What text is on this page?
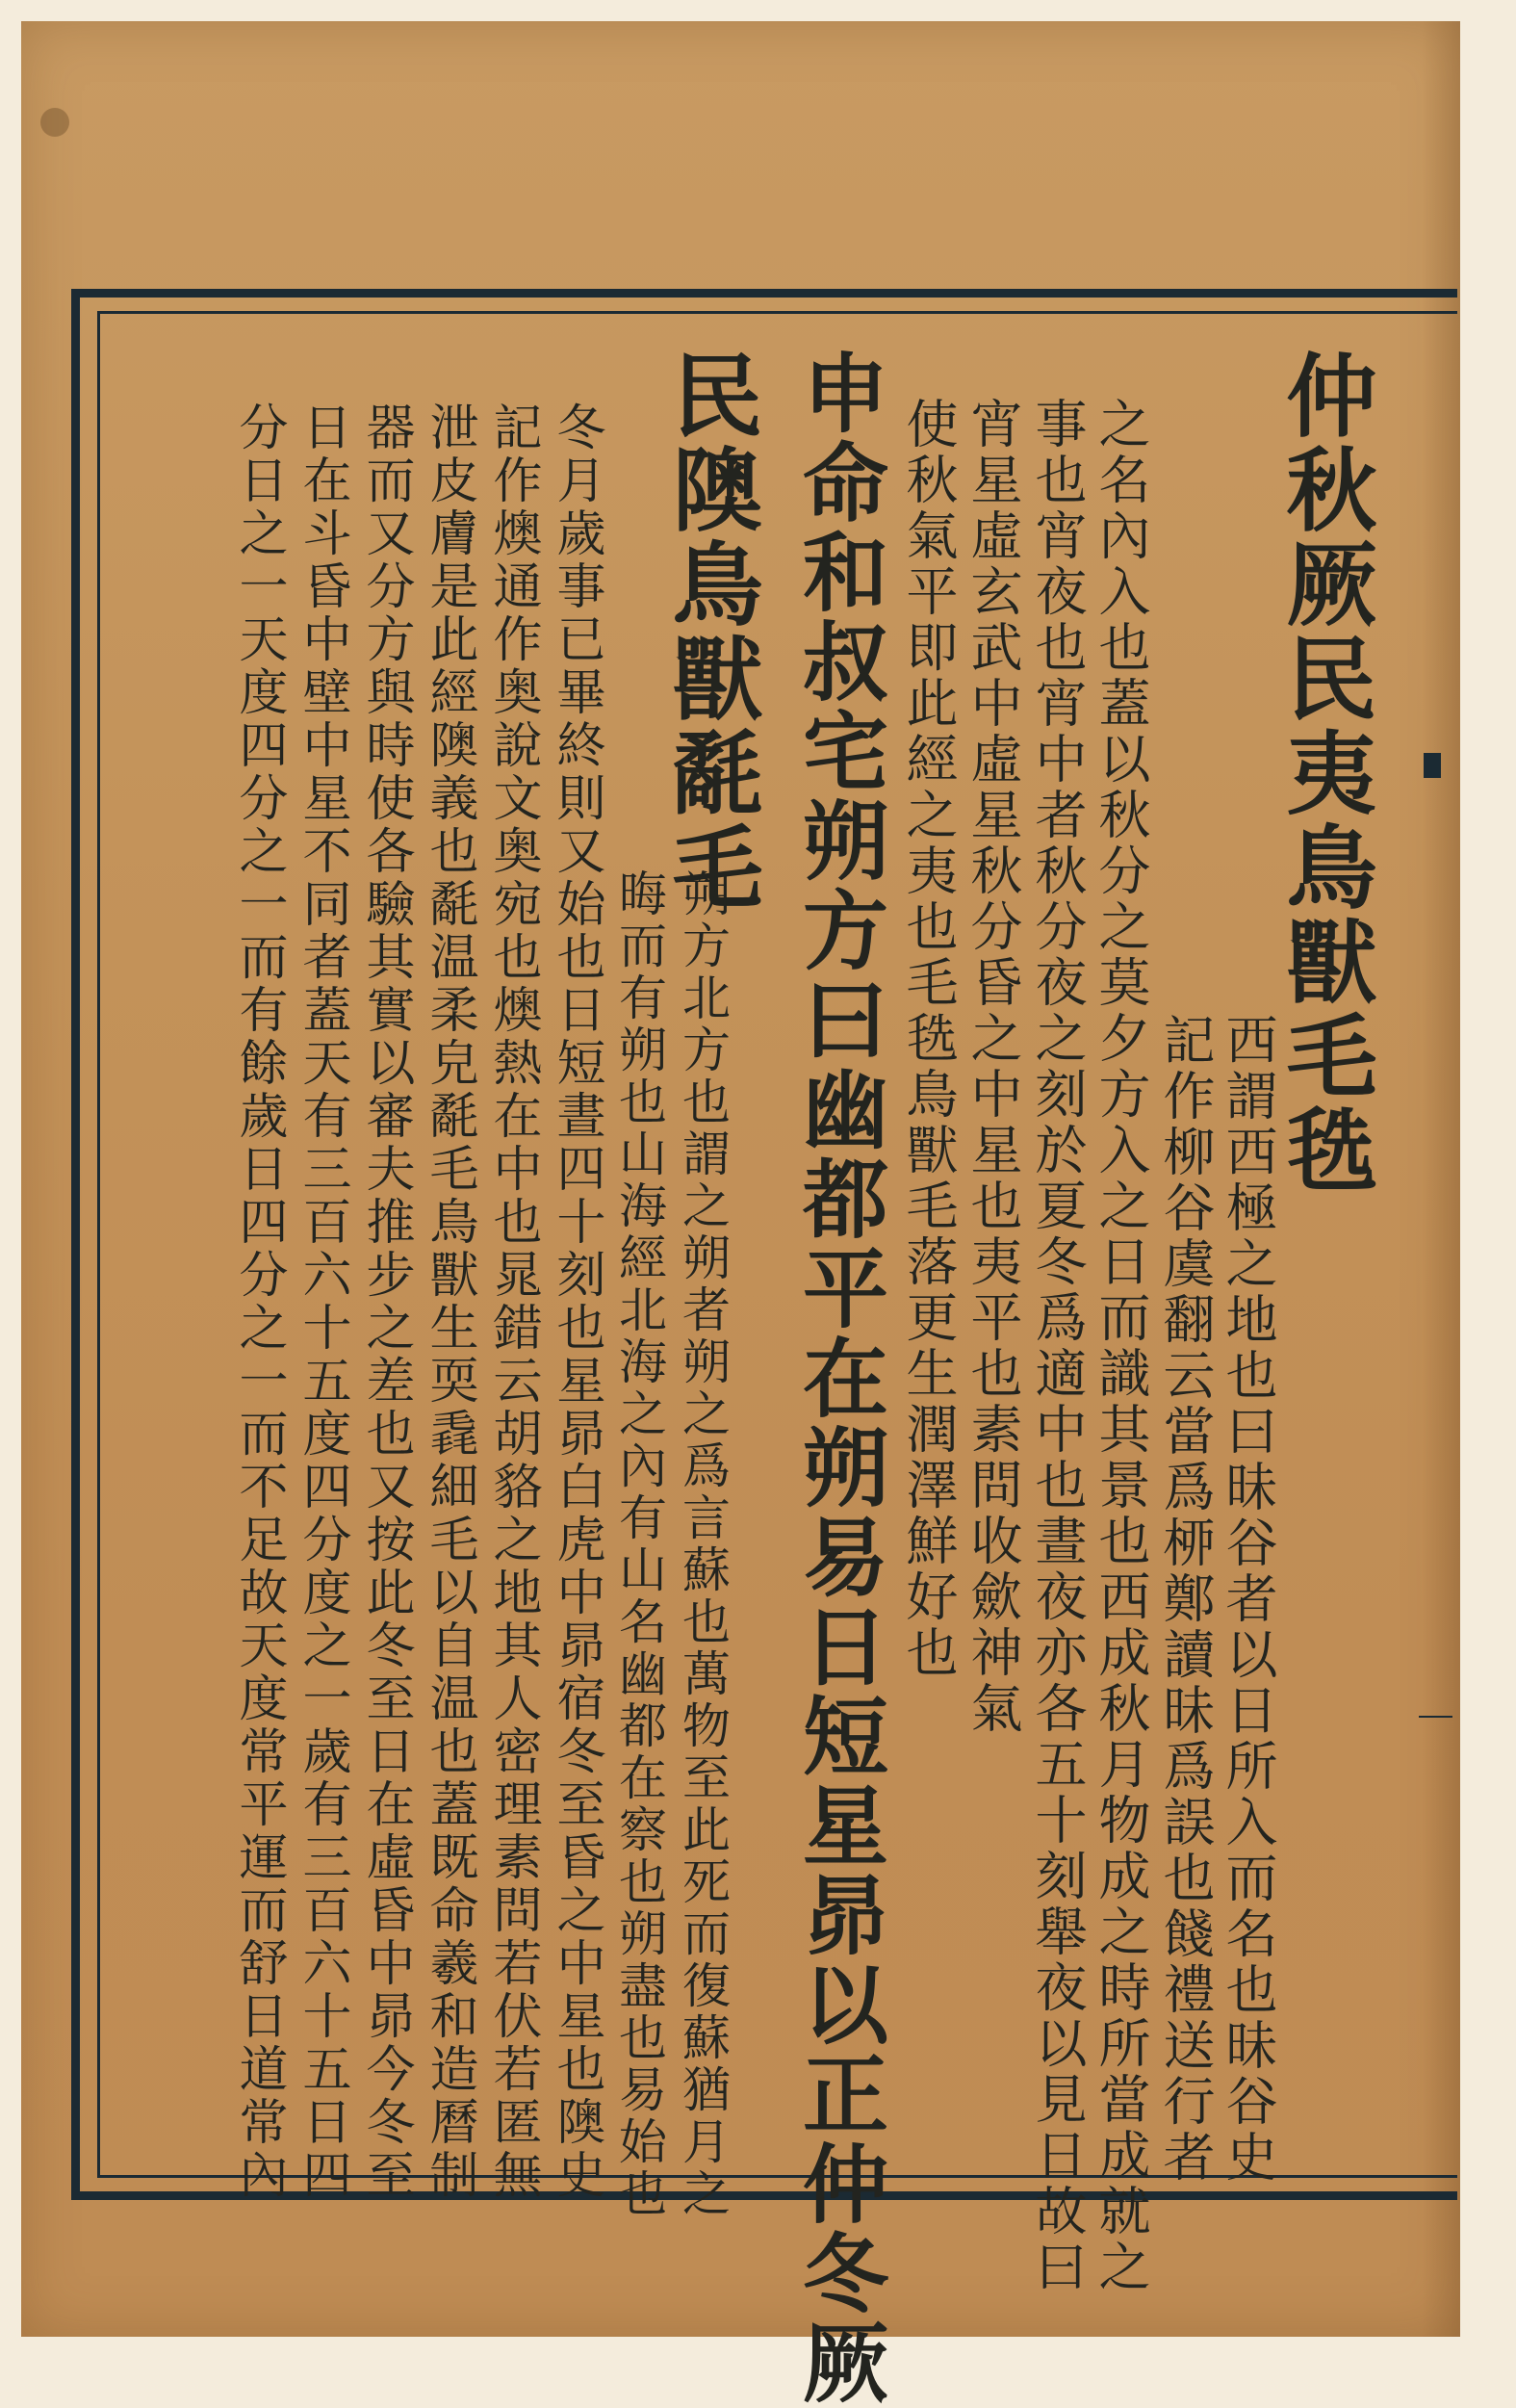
仲秋厥民夷鳥獸毛毨
西謂西極之地也曰昧谷者以日所入而名也昧谷史
記作柳谷虞翻云當爲桺鄭讀昧爲誤也餞禮送行者
之名內入也蓋以秋分之莫夕方入之日而識其景也西成秋月物成之時所當成就之
事也宵夜也宵中者秋分夜之刻於夏冬爲適中也晝夜亦各五十刻舉夜以見日故曰
宵星虛玄武中虛星秋分昏之中星也夷平也素問收歛神氣
使秋氣平即此經之夷也毛毨鳥獸毛落更生潤澤鮮好也
申命和叔宅朔方曰幽都平在朔易日短星昴以正仲冬厥
民隩鳥獸氄毛
朔方北方也謂之朔者朔之爲言蘇也萬物至此死而復蘇猶月之
晦而有朔也山海經北海之內有山名幽都在察也朔盡也易始也
冬月歲事已畢終則又始也日短晝四十刻也星昴白虎中昴宿冬至昏之中星也隩史
記作燠通作奥說文奥宛也燠熱在中也晁錯云胡貉之地其人密理素問若伏若匿無
泄皮膚是此經隩義也氄温柔皃氄毛鳥獸生耎毳細毛以自温也蓋既命羲和造曆制
器而又分方與時使各驗其實以審夫推步之差也又按此冬至日在虛昏中昴今冬至
日在斗昏中壁中星不同者蓋天有三百六十五度四分度之一歲有三百六十五日四
分日之一天度四分之一而有餘歲日四分之一而不足故天度常平運而舒日道常內
